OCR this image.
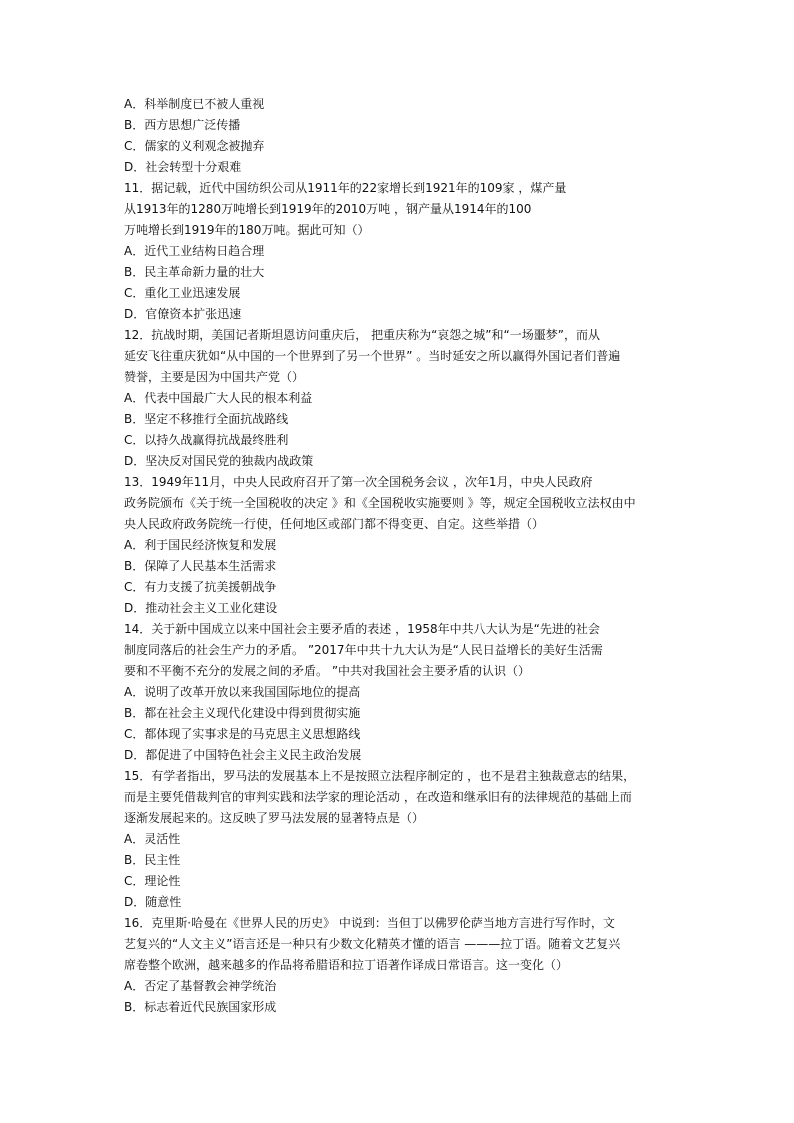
A．科举制度已不被人重视
B．西方思想广泛传播
C．儒家的义利观念被抛弃
D．社会转型十分艰难
11．据记载，近代中国纺织公司从1911年的22家增长到1921年的109家 ，煤产量
从1913年的1280万吨增长到1919年的2010万吨 ，钢产量从1914年的100
万吨增长到1919年的180万吨。据此可知（）
A．近代工业结构日趋合理
B．民主革命新力量的壮大
C．重化工业迅速发展
D．官僚资本扩张迅速
12．抗战时期，美国记者斯坦恩访问重庆后， 把重庆称为“哀怨之城”和“一场噩梦”，而从
延安飞往重庆犹如“从中国的一个世界到了另一个世界” 。当时延安之所以赢得外国记者们普遍
赞誉，主要是因为中国共产党（）
A．代表中国最广大人民的根本利益
B．坚定不移推行全面抗战路线
C．以持久战赢得抗战最终胜利
D．坚决反对国民党的独裁内战政策
13．1949年11月，中央人民政府召开了第一次全国税务会议 ，次年1月，中央人民政府
政务院颁布《关于统一全国税收的决定 》和《全国税收实施要则 》等，规定全国税收立法权由中
央人民政府政务院统一行使，任何地区或部门都不得变更、自定。这些举措（）
A．利于国民经济恢复和发展
B．保障了人民基本生活需求
C．有力支援了抗美援朝战争
D．推动社会主义工业化建设
14．关于新中国成立以来中国社会主要矛盾的表述 ，1958年中共八大认为是“先进的社会
制度同落后的社会生产力的矛盾。 ”2017年中共十九大认为是“人民日益增长的美好生活需
要和不平衡不充分的发展之间的矛盾。 ”中共对我国社会主要矛盾的认识（）
A．说明了改革开放以来我国国际地位的提高
B．都在社会主义现代化建设中得到贯彻实施
C．都体现了实事求是的马克思主义思想路线
D．都促进了中国特色社会主义民主政治发展
15．有学者指出，罗马法的发展基本上不是按照立法程序制定的 ，也不是君主独裁意志的结果，
而是主要凭借裁判官的审判实践和法学家的理论活动 ，在改造和继承旧有的法律规范的基础上而
逐渐发展起来的。这反映了罗马法发展的显著特点是（）
A．灵活性
B．民主性
C．理论性
D．随意性
16．克里斯·哈曼在《世界人民的历史》 中说到：当但丁以佛罗伦萨当地方言进行写作时，文
艺复兴的“人文主义”语言还是一种只有少数文化精英才懂的语言 ———拉丁语。随着文艺复兴
席卷整个欧洲，越来越多的作品将希腊语和拉丁语著作译成日常语言。这一变化（）
A．否定了基督教会神学统治
B．标志着近代民族国家形成
